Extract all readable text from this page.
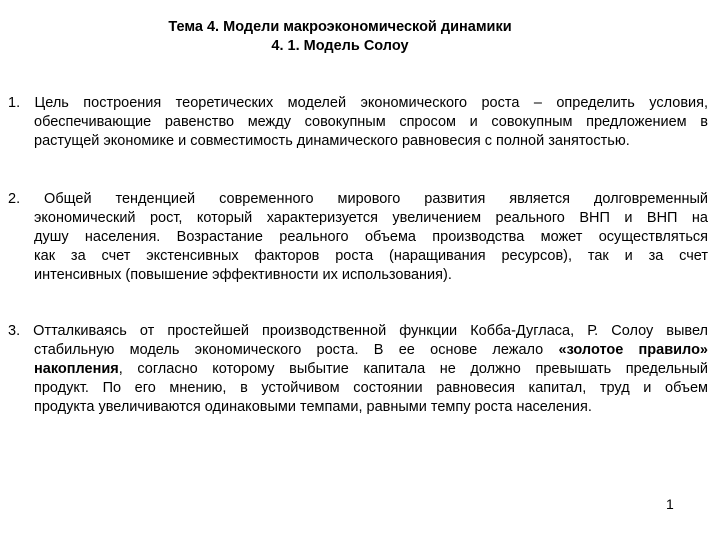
Тема 4. Модели макроэкономической динамики
4. 1. Модель Солоу
1. Цель построения теоретических моделей экономического роста – определить условия,
обеспечивающие равенство между совокупным спросом и совокупным предложением в
растущей экономике и совместимость динамического равновесия с полной занятостью.
2. Общей тенденцией современного мирового развития является долговременный
экономический рост, который характеризуется увеличением реального ВНП и ВНП на
душу населения. Возрастание реального объема производства может осуществляться
как за счет экстенсивных факторов роста (наращивания ресурсов), так и за счет
интенсивных (повышение эффективности их использования).
3. Отталкиваясь от простейшей производственной функции Кобба-Дугласа, Р. Солоу вывел
стабильную модель экономического роста. В ее основе лежало «золотое правило»
накопления, согласно которому выбытие капитала не должно превышать предельный
продукт. По его мнению, в устойчивом состоянии равновесия капитал, труд и объем
продукта увеличиваются одинаковыми темпами, равными темпу роста населения.
1
